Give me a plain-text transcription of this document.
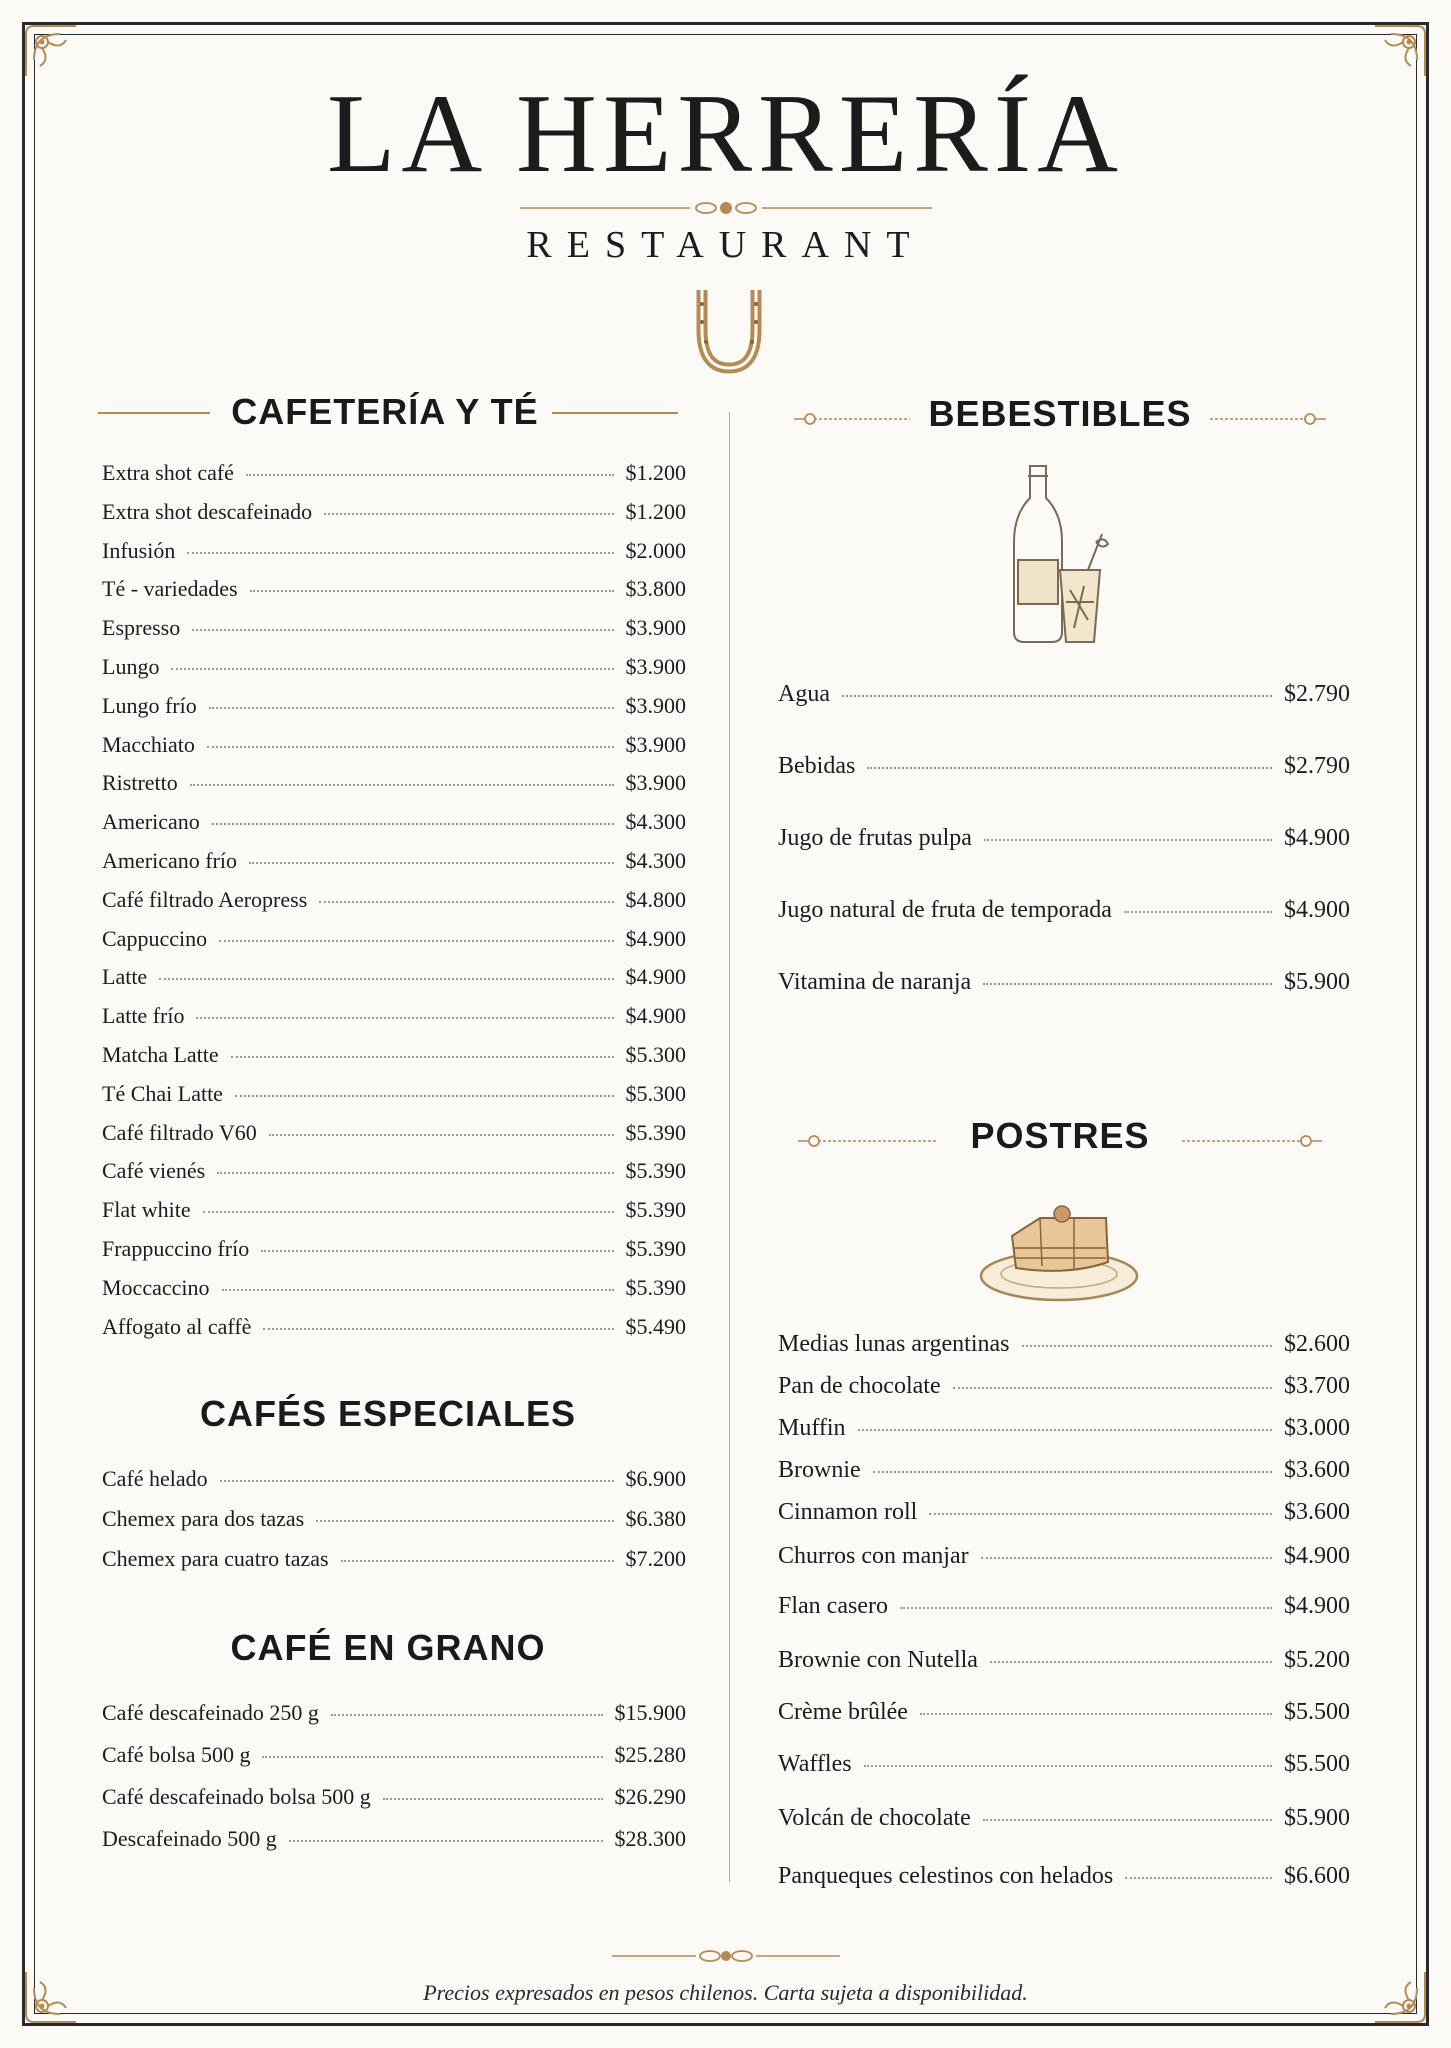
LA HERRERÍA
RESTAURANT
CAFETERÍA Y TÉ
Extra shot café	$1.200
Extra shot descafeinado	$1.200
Infusión	$2.000
Té - variedades	$3.800
Espresso	$3.900
Lungo	$3.900
Lungo frío	$3.900
Macchiato	$3.900
Ristretto	$3.900
Americano	$4.300
Americano frío	$4.300
Café filtrado Aeropress	$4.800
Cappuccino	$4.900
Latte	$4.900
Latte frío	$4.900
Matcha Latte	$5.300
Té Chai Latte	$5.300
Café filtrado V60	$5.390
Café vienés	$5.390
Flat white	$5.390
Frappuccino frío	$5.390
Moccaccino	$5.390
Affogato al caffè	$5.490
CAFÉS ESPECIALES
Café helado	$6.900
Chemex para dos tazas	$6.380
Chemex para cuatro tazas	$7.200
CAFÉ EN GRANO
Café descafeinado 250 g	$15.900
Café bolsa 500 g	$25.280
Café descafeinado bolsa 500 g	$26.290
Descafeinado 500 g	$28.300
BEBESTIBLES
Agua	$2.790
Bebidas	$2.790
Jugo de frutas pulpa	$4.900
Jugo natural de fruta de temporada	$4.900
Vitamina de naranja	$5.900
POSTRES
Medias lunas argentinas	$2.600
Pan de chocolate	$3.700
Muffin	$3.000
Brownie	$3.600
Cinnamon roll	$3.600
Churros con manjar	$4.900
Flan casero	$4.900
Brownie con Nutella	$5.200
Crème brûlée	$5.500
Waffles	$5.500
Volcán de chocolate	$5.900
Panqueques celestinos con helados	$6.600
Precios expresados en pesos chilenos. Carta sujeta a disponibilidad.
